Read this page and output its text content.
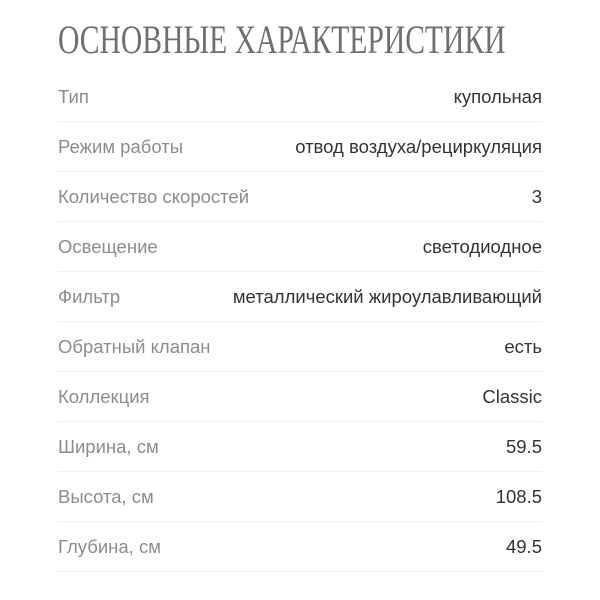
ОСНОВНЫЕ ХАРАКТЕРИСТИКИ
Тип	купольная
Режим работы	отвод воздуха/рециркуляция
Количество скоростей	3
Освещение	светодиодное
Фильтр	металлический жироулавливающий
Обратный клапан	есть
Коллекция	Classic
Ширина, см	59.5
Высота, см	108.5
Глубина, см	49.5
